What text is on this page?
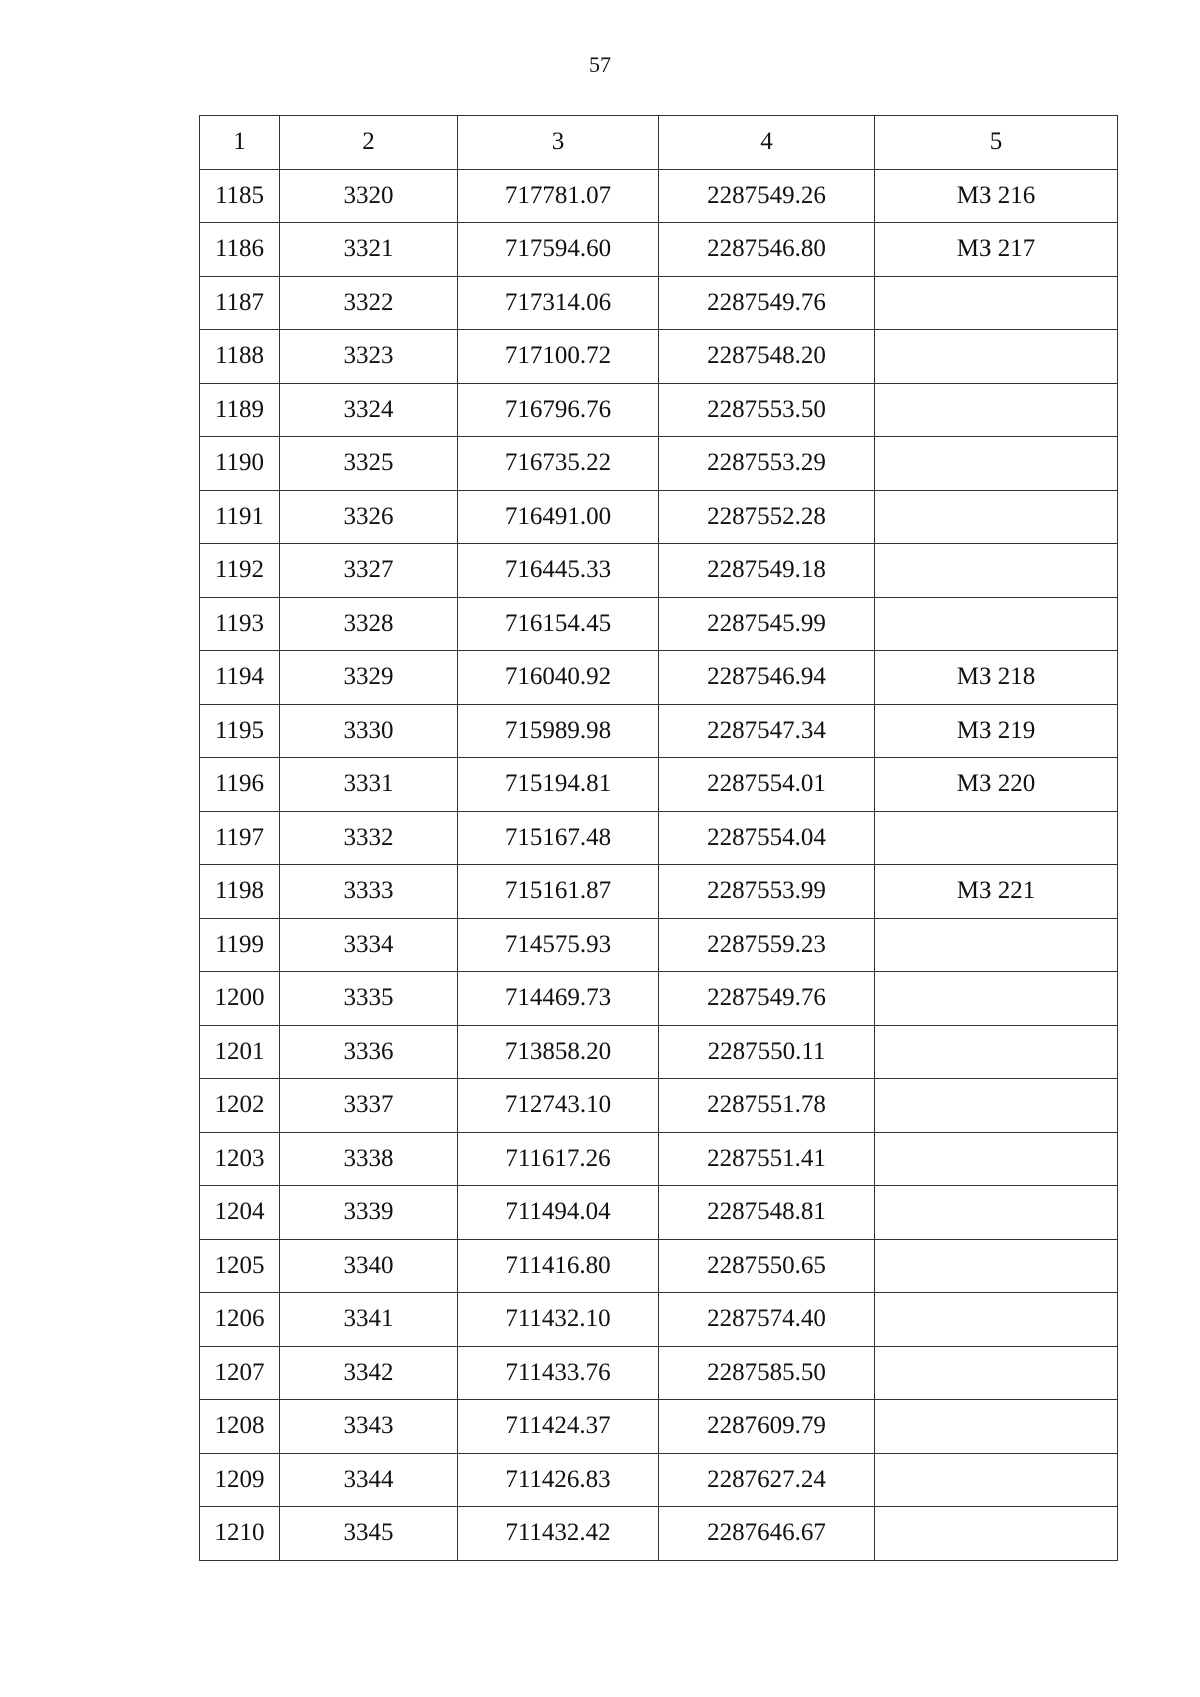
57
1	2	3	4	5
1185	3320	717781.07	2287549.26	МЗ 216
1186	3321	717594.60	2287546.80	МЗ 217
1187	3322	717314.06	2287549.76	
1188	3323	717100.72	2287548.20	
1189	3324	716796.76	2287553.50	
1190	3325	716735.22	2287553.29	
1191	3326	716491.00	2287552.28	
1192	3327	716445.33	2287549.18	
1193	3328	716154.45	2287545.99	
1194	3329	716040.92	2287546.94	МЗ 218
1195	3330	715989.98	2287547.34	МЗ 219
1196	3331	715194.81	2287554.01	МЗ 220
1197	3332	715167.48	2287554.04	
1198	3333	715161.87	2287553.99	МЗ 221
1199	3334	714575.93	2287559.23	
1200	3335	714469.73	2287549.76	
1201	3336	713858.20	2287550.11	
1202	3337	712743.10	2287551.78	
1203	3338	711617.26	2287551.41	
1204	3339	711494.04	2287548.81	
1205	3340	711416.80	2287550.65	
1206	3341	711432.10	2287574.40	
1207	3342	711433.76	2287585.50	
1208	3343	711424.37	2287609.79	
1209	3344	711426.83	2287627.24	
1210	3345	711432.42	2287646.67	
